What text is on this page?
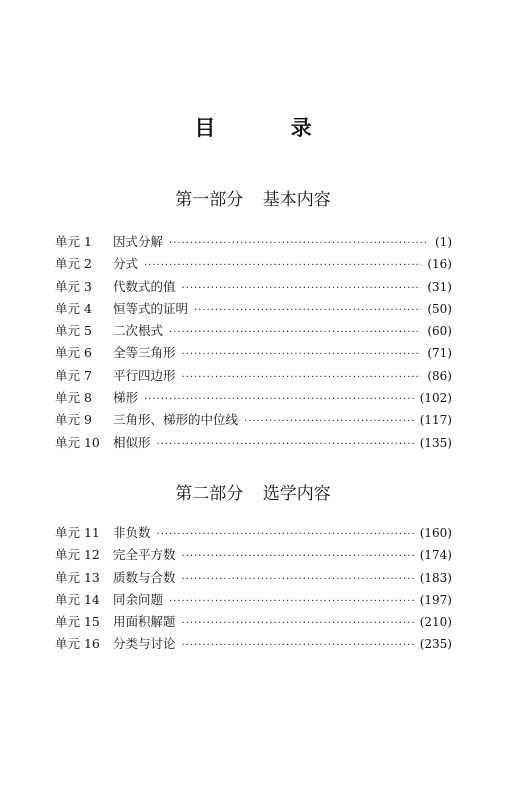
目 录
第一部分 基本内容
单元 1	因式分解 ·····	(1)
单元 2	分式 ·····	(16)
单元 3	代数式的值 ·····	(31)
单元 4	恒等式的证明 ·····	(50)
单元 5	二次根式 ·····	(60)
单元 6	全等三角形 ·····	(71)
单元 7	平行四边形 ·····	(86)
单元 8	梯形 ·····	(102)
单元 9	三角形、梯形的中位线 ·····	(117)
单元 10	相似形 ·····	(135)
第二部分 选学内容
单元 11	非负数 ·····	(160)
单元 12	完全平方数 ·····	(174)
单元 13	质数与合数 ·····	(183)
单元 14	同余问题 ·····	(197)
单元 15	用面积解题 ·····	(210)
单元 16	分类与讨论 ·····	(235)
